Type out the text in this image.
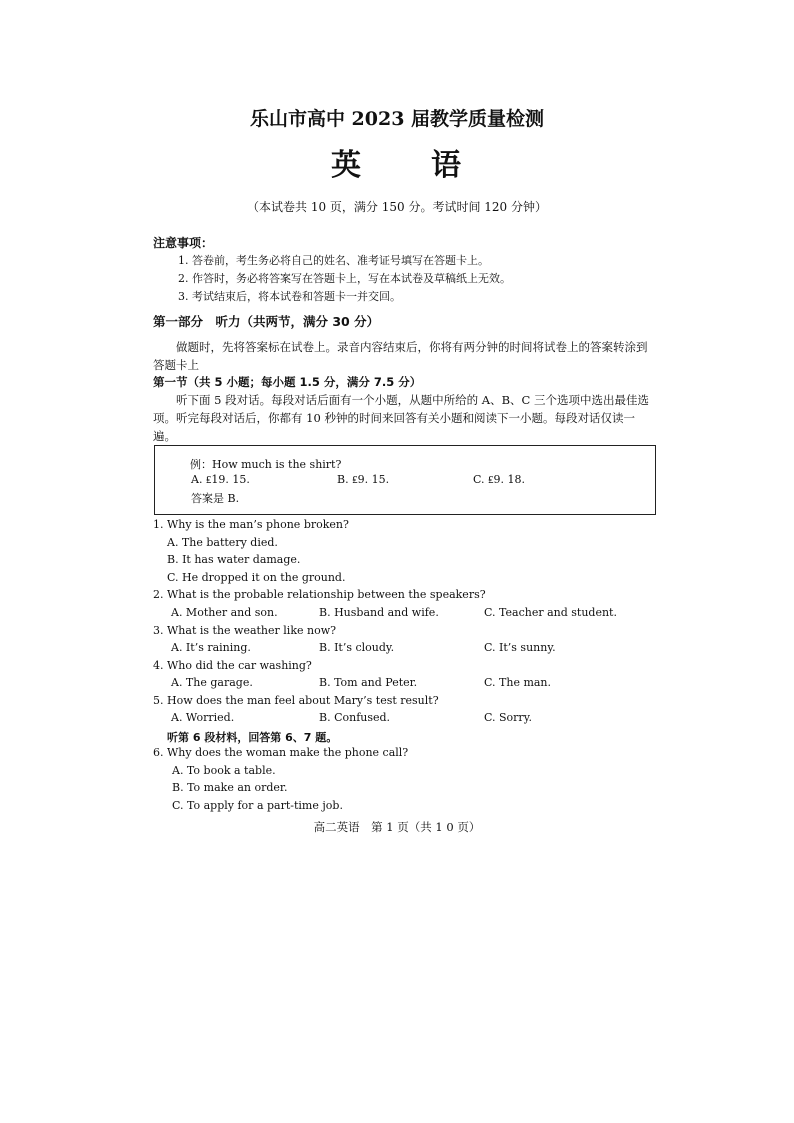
乐山市高中 2023 届教学质量检测
英 语
（本试卷共 10 页，满分 150 分。考试时间 120 分钟）
注意事项：
1. 答卷前，考生务必将自己的姓名、准考证号填写在答题卡上。
2. 作答时，务必将答案写在答题卡上，写在本试卷及草稿纸上无效。
3. 考试结束后，将本试卷和答题卡一并交回。
第一部分　听力（共两节，满分 30 分）
做题时，先将答案标在试卷上。录音内容结束后，你将有两分钟的时间将试卷上的答案转涂到答题卡上
第一节（共 5 小题；每小题 1.5 分，满分 7.5 分）
听下面 5 段对话。每段对话后面有一个小题，从题中所给的 A、B、C 三个选项中选出最佳选项。听完每段对话后，你都有 10 秒钟的时间来回答有关小题和阅读下一小题。每段对话仅读一遍。
例：How much is the shirt?
A. ₤19. 15.	B. ₤9. 15.	C. ₤9. 18.
答案是 B.
1. Why is the man’s phone broken?
A. The battery died.
B. It has water damage.
C. He dropped it on the ground.
2. What is the probable relationship between the speakers?
A. Mother and son.	B. Husband and wife.	C. Teacher and student.
3. What is the weather like now?
A. It’s raining.	B. It’s cloudy.	C. It’s sunny.
4. Who did the car washing?
A. The garage.	B. Tom and Peter.	C. The man.
5. How does the man feel about Mary’s test result?
A. Worried.	B. Confused.	C. Sorry.
听第 6 段材料，回答第 6、7 题。
6. Why does the woman make the phone call?
A. To book a table.
B. To make an order.
C. To apply for a part-time job.
高二英语　第 1 页（共 1 0 页）
